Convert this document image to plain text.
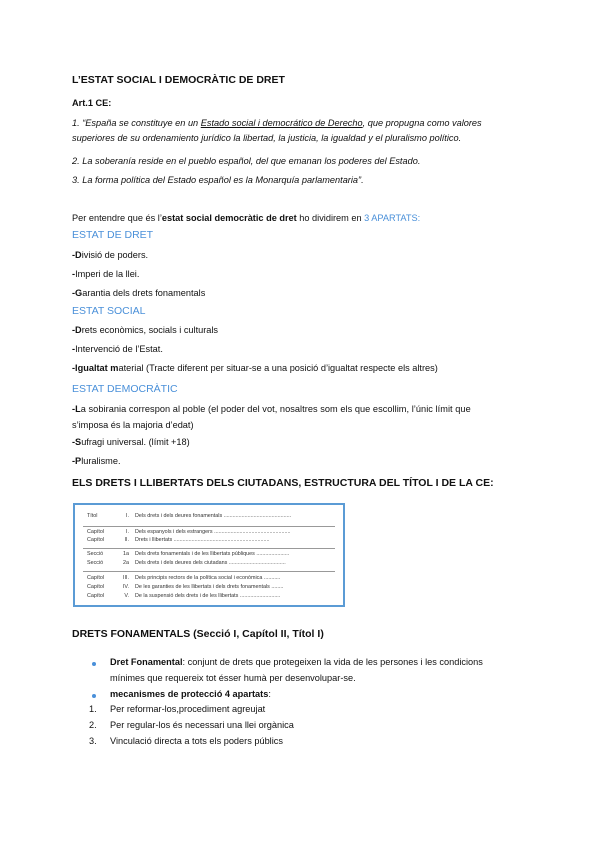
L’ESTAT SOCIAL I DEMOCRÀTIC DE DRET
Art.1 CE:
1. “España se constituye en un Estado social i democrático de Derecho, que propugna como valores
superiores de su ordenamiento jurídico la libertad, la justicia, la igualdad y el pluralismo político.
2. La soberanía reside en el pueblo español, del que emanan los poderes del Estado.
3. La forma política del Estado español es la Monarquía parlamentaria”.
Per entendre que és l’estat social democràtic de dret ho dividirem en 3 APARTATS:
ESTAT DE DRET
-Divisió de poders.
-Imperi de la llei.
-Garantia dels drets fonamentals
ESTAT SOCIAL
-Drets econòmics, socials i culturals
-Intervenció de l’Estat.
-Igualtat material (Tracte diferent per situar-se a una posició d’igualtat respecte els altres)
ESTAT DEMOCRÀTIC
-La sobirania correspon al poble (el poder del vot, nosaltres som els que escollim, l’únic límit que
s’imposa és la majoria d’edat)
-Sufragi universal. (límit +18)
-Pluralisme.
ELS DRETS I LLIBERTATS DELS CIUTADANS, ESTRUCTURA DEL TÍTOL I DE LA CE:
Títol	I. Dels drets i dels deures fonamentals .............................................
Capítol	I. Dels espanyols i dels estrangers ...................................................
Capítol	II. Drets i llibertats ................................................................
Secció	1a Dels drets fonamentals i de les llibertats públiques ......................
Secció	2a Dels drets i dels deures dels ciutadans ......................................
Capítol	III. Dels principis rectors de la política social i econòmica ...........
Capítol	IV. De les garanties de les llibertats i dels drets fonamentals ........
Capítol	V. De la suspensió dels drets i de les llibertats ...........................
DRETS FONAMENTALS (Secció I, Capítol II, Títol I)
Dret Fonamental: conjunt de drets que protegeixen la vida de les persones i les condicions
mínimes que requereix tot ésser humà per desenvolupar-se.
mecanismes de protecció 4 apartats:
1. Per reformar-los,procediment agreujat
2. Per regular-los és necessari una llei orgànica
3. Vinculació directa a tots els poders públics
